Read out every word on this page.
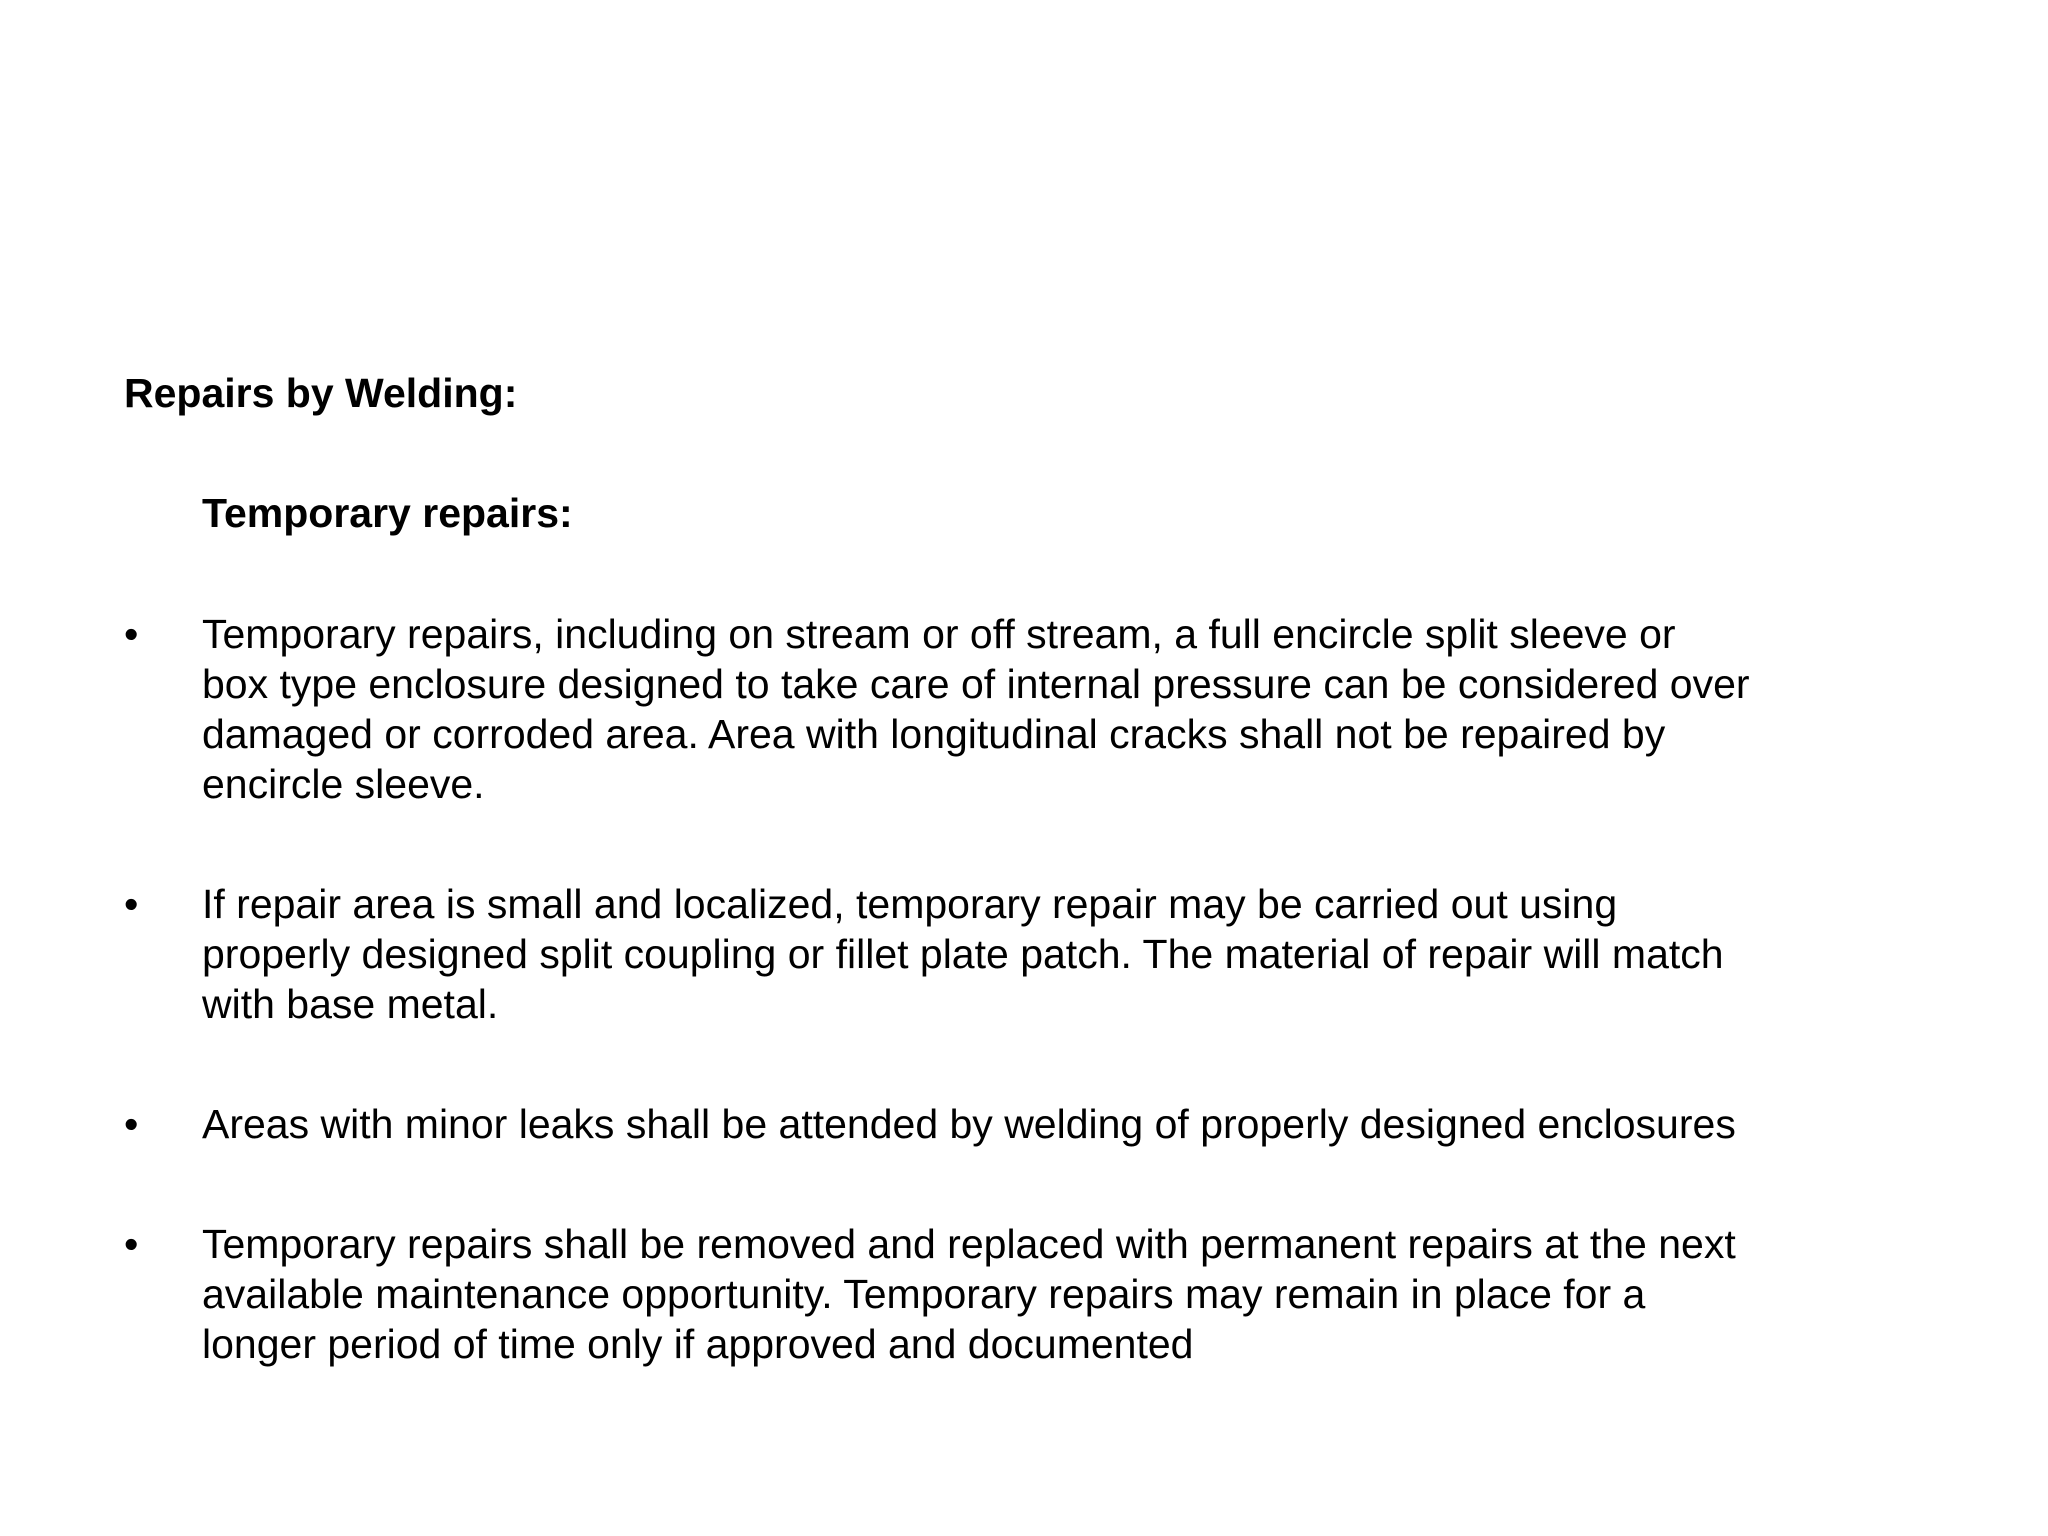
Repairs by Welding:
Temporary repairs:
•	Temporary repairs, including on stream or off stream, a full encircle split sleeve or
box type enclosure designed to take care of internal pressure can be considered over
damaged or corroded area. Area with longitudinal cracks shall not be repaired by
encircle sleeve.
•	If repair area is small and localized, temporary repair may be carried out using
properly designed split coupling or fillet plate patch. The material of repair will match
with base metal.
•	Areas with minor leaks shall be attended by welding of properly designed enclosures
•	Temporary repairs shall be removed and replaced with permanent repairs at the next
available maintenance opportunity. Temporary repairs may remain in place for a
longer period of time only if approved and documented
